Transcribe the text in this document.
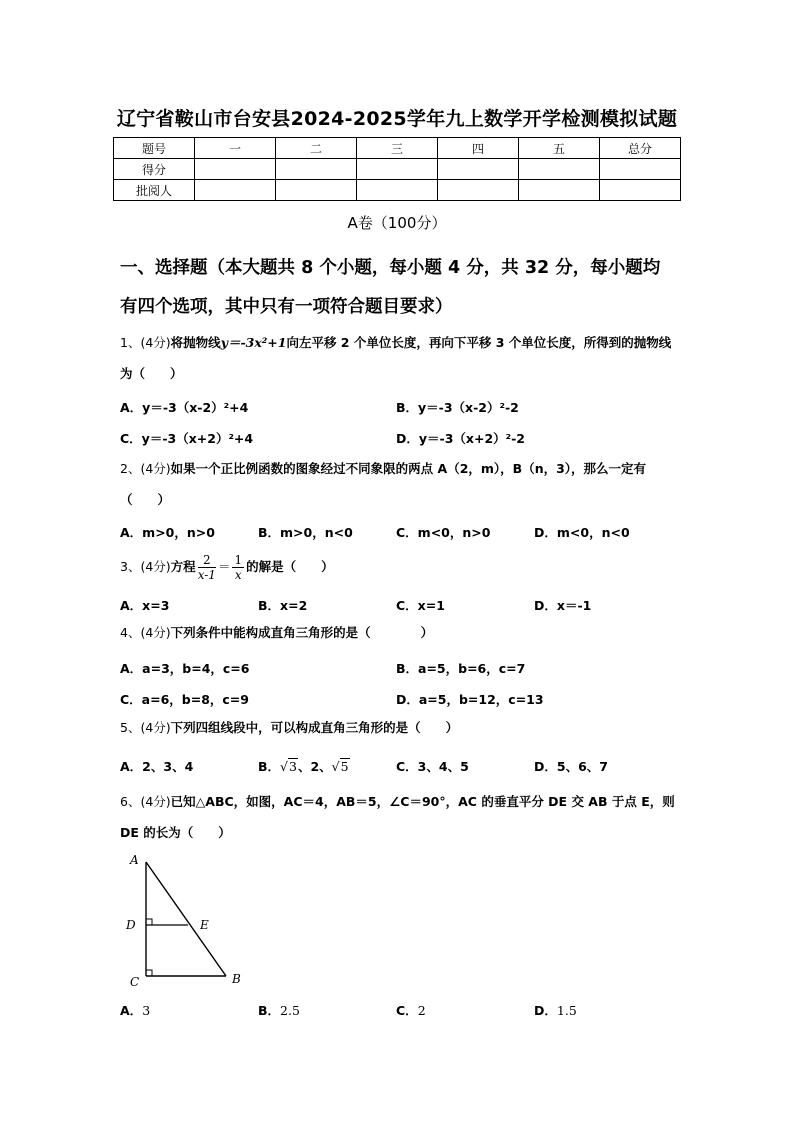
辽宁省鞍山市台安县2024-2025学年九上数学开学检测模拟试题
题号	一	二	三	四	五	总分
得分						
批阅人						
A卷（100分）
一、选择题（本大题共 8 个小题，每小题 4 分，共 32 分，每小题均
有四个选项，其中只有一项符合题目要求）
1、(4分)将抛物线y＝-3x²+1向左平移 2 个单位长度，再向下平移 3 个单位长度，所得到的抛物线为（　　）
A．y＝-3（x-2）²+4	B．y＝-3（x-2）²-2
C．y＝-3（x+2）²+4	D．y＝-3（x+2）²-2
2、(4分)如果一个正比例函数的图象经过不同象限的两点 A（2，m），B（n，3），那么一定有（　　）
A．m>0，n>0	B．m>0，n<0	C．m<0，n>0	D．m<0，n<0
3、(4分)方程 $\frac{2}{x-1} = \frac{1}{x}$ 的解是（　　）
A．x=3	B．x=2	C．x=1	D．x＝-1
4、(4分)下列条件中能构成直角三角形的是（　　　　）
A．a=3，b=4，c=6	B．a=5，b=6，c=7
C．a=6，b=8，c=9	D．a=5，b=12，c=13
5、(4分)下列四组线段中，可以构成直角三角形的是（　　）
A．2、3、4	B．√3、2、√5	C．3、4、5	D．5、6、7
6、(4分)已知△ABC，如图，AC＝4，AB＝5，∠C＝90°，AC 的垂直平分 DE 交 AB 于点 E，则 DE 的长为（　　）
A
D	E
C	B
A．3	B．2.5	C．2	D．1.5
